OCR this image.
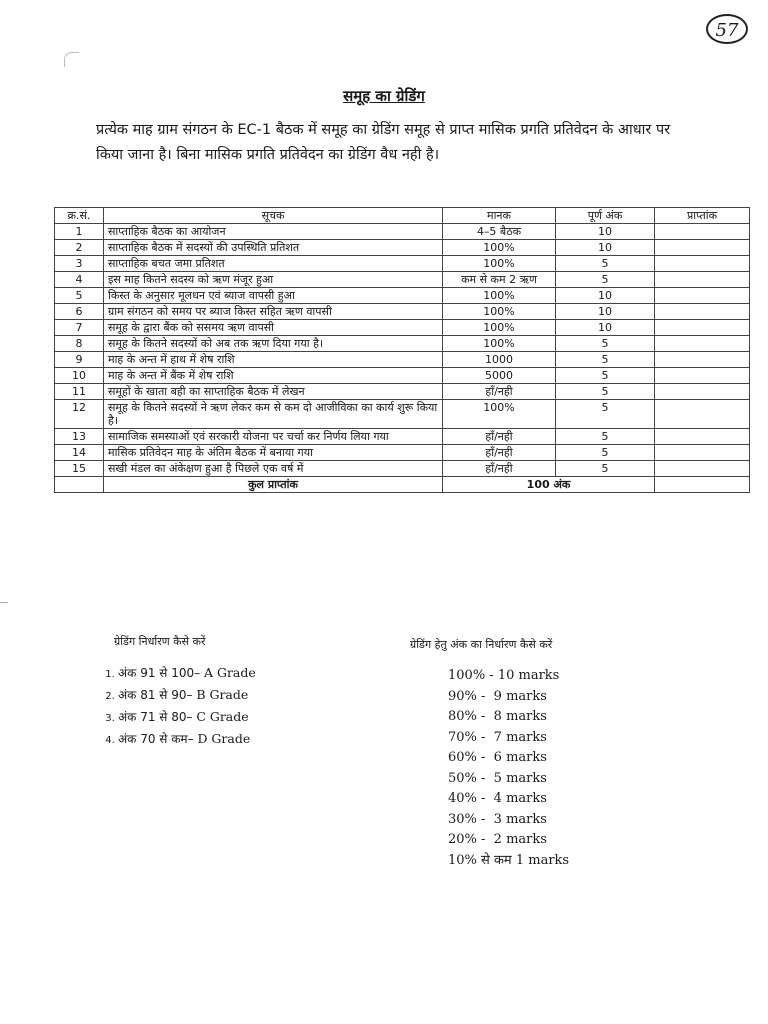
57
समूह का ग्रेडिंग

प्रत्येक माह ग्राम संगठन के EC-1 बैठक में समूह का ग्रेडिंग समूह से प्राप्त मासिक प्रगति प्रतिवेदन के आधार पर किया जाना है। बिना मासिक प्रगति प्रतिवेदन का ग्रेडिंग वैध नही है।

क्र.सं.	सूचक	मानक	पूर्ण अंक	प्राप्तांक
1	साप्ताहिक बैठक का आयोजन	4–5 बैठक	10	
2	साप्ताहिक बैठक में सदस्यों की उपस्थिति प्रतिशत	100%	10	
3	साप्ताहिक बचत जमा प्रतिशत	100%	5	
4	इस माह कितने सदस्य को ऋण मंजूर हुआ	कम से कम 2 ऋण	5	
5	किस्त के अनुसार मूलधन एवं ब्याज वापसी हुआ	100%	10	
6	ग्राम संगठन को समय पर ब्याज किस्त सहित ऋण वापसी	100%	10	
7	समूह के द्वारा बैंक को ससमय ऋण वापसी	100%	10	
8	समूह के कितने सदस्यों को अब तक ऋण दिया गया है।	100%	5	
9	माह के अन्त में हाथ में शेष राशि	1000	5	
10	माह के अन्त में बैंक में शेष राशि	5000	5	
11	समूहों के खाता बही का साप्ताहिक बैठक में लेखन	हाँ/नही	5	
12	समूह के कितने सदस्यों ने ऋण लेकर कम से कम दो आजीविका का कार्य शुरू किया है।	100%	5	
13	सामाजिक समस्याओं एवं सरकारी योजना पर चर्चा कर निर्णय लिया गया	हाँ/नही	5	
14	मासिक प्रतिवेदन माह के अंतिम बैठक में बनाया गया	हाँ/नही	5	
15	सखी मंडल का अंकेक्षण हुआ है पिछले एक वर्ष में	हाँ/नही	5	
	कुल प्राप्तांक	100 अंक		
ग्रेडिंग निर्धारण कैसे करें	ग्रेडिंग हेतु अंक का निर्धारण कैसे करें
1. अंक 91 से 100– A Grade
2. अंक 81 से 90– B Grade
3. अंक 71 से 80– C Grade
4. अंक 70 से कम– D Grade
100% - 10 marks
90% -  9 marks
80% -  8 marks
70% -  7 marks
60% -  6 marks
50% -  5 marks
40% -  4 marks
30% -  3 marks
20% -  2 marks
10% से कम 1 marks
